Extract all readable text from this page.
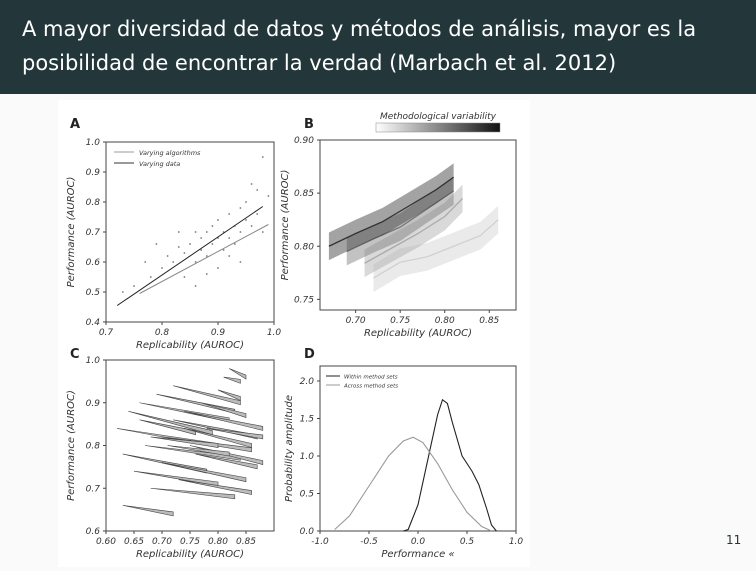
A mayor diversidad de datos y métodos de análisis, mayor es la posibilidad de encontrar la verdad (Marbach et al. 2012)
A	B
C	D
Methodological variability
0.7	0.8	0.9	1.0
0.4
0.5
0.6
0.7
0.8
0.9
1.0
Replicability (AUROC)
Performance (AUROC)
0.70	0.75	0.80	0.85
0.75
0.80
0.85
0.90
Replicability (AUROC)
Performance (AUROC)
0.60 0.65 0.70 0.75 0.80 0.85
0.6
0.7
0.8
0.9
1.0
Replicability (AUROC)
Performance (AUROC)
-1.0	-0.5	0.0	0.5	1.0
0.0
0.5
1.0
1.5
2.0
Performance «
Probability amplitude
Varying algorithms
Varying data
Within method sets
Across method sets
11
